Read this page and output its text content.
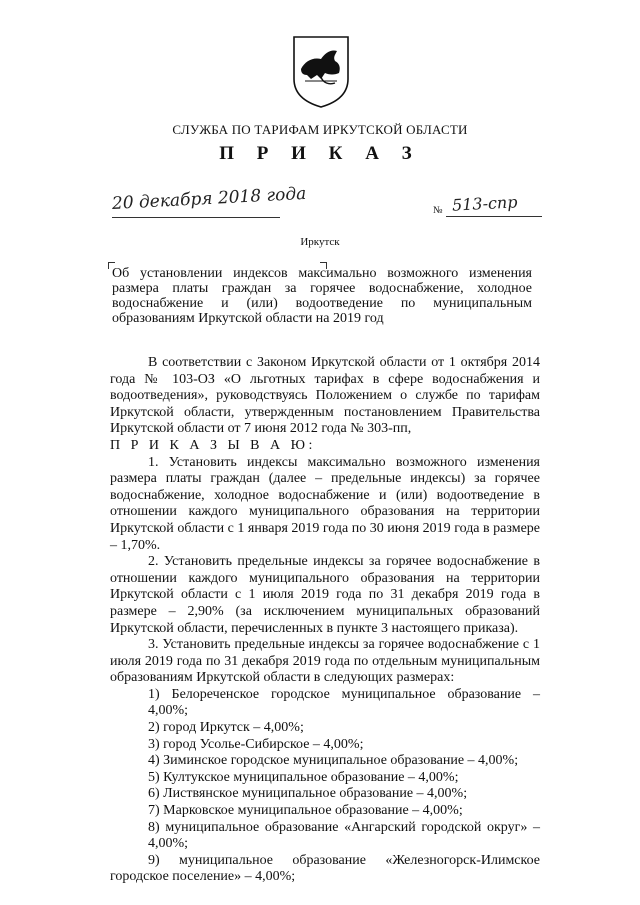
СЛУЖБА ПО ТАРИФАМ ИРКУТСКОЙ ОБЛАСТИ
П Р И К А З
20 декабря 2018 года	№ 513-спр
Иркутск
Об установлении индексов максимально возможного изменения размера платы граждан за горячее водоснабжение, холодное водоснабжение и (или) водоотведение по муниципальным образованиям Иркутской области на 2019 год

В соответствии с Законом Иркутской области от 1 октября 2014 года № 103-ОЗ «О льготных тарифах в сфере водоснабжения и водоотведения», руководствуясь Положением о службе по тарифам Иркутской области, утвержденным постановлением Правительства Иркутской области от 7 июня 2012 года № 303-пп,

П Р И К А З Ы В А Ю:

1. Установить индексы максимально возможного изменения размера платы граждан (далее – предельные индексы) за горячее водоснабжение, холодное водоснабжение и (или) водоотведение в отношении каждого муниципального образования на территории Иркутской области с 1 января 2019 года по 30 июня 2019 года в размере – 1,70%.

2. Установить предельные индексы за горячее водоснабжение в отношении каждого муниципального образования на территории Иркутской области с 1 июля 2019 года по 31 декабря 2019 года в размере – 2,90% (за исключением муниципальных образований Иркутской области, перечисленных в пункте 3 настоящего приказа).

3. Установить предельные индексы за горячее водоснабжение с 1 июля 2019 года по 31 декабря 2019 года по отдельным муниципальным образованиям Иркутской области в следующих размерах:

1) Белореченское городское муниципальное образование – 4,00%;
2) город Иркутск – 4,00%;
3) город Усолье-Сибирское – 4,00%;
4) Зиминское городское муниципальное образование – 4,00%;
5) Култукское муниципальное образование – 4,00%;
6) Листвянское муниципальное образование – 4,00%;
7) Марковское муниципальное образование – 4,00%;
8) муниципальное образование «Ангарский городской округ» – 4,00%;
9) муниципальное образование «Железногорск-Илимское городское поселение» – 4,00%;
